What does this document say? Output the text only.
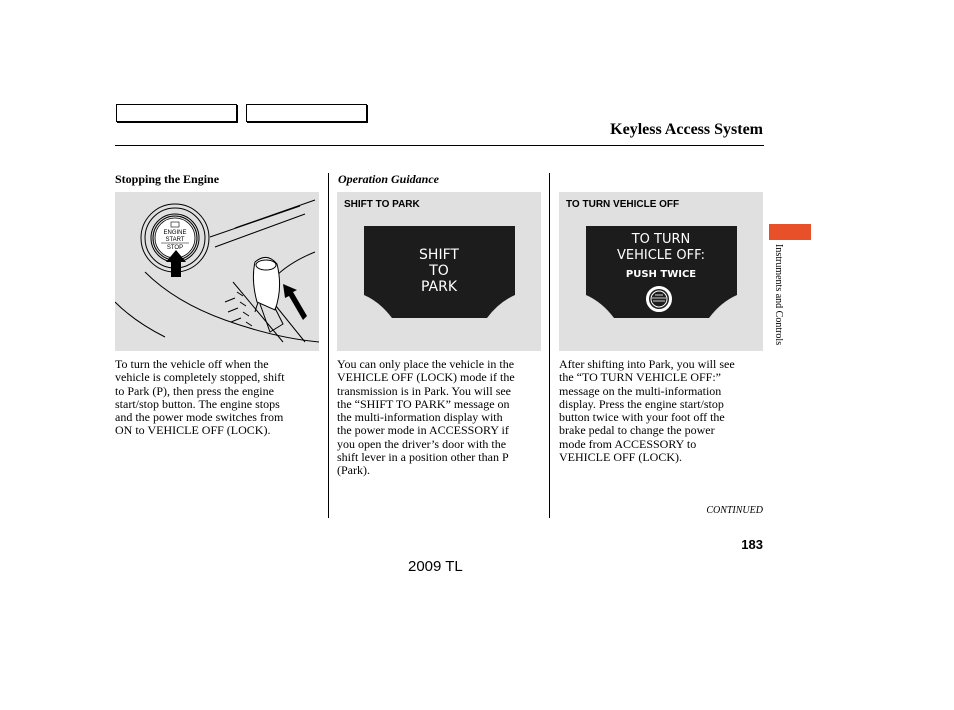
Keyless Access System
Stopping the Engine
ENGINE
START
STOP
To turn the vehicle off when the
vehicle is completely stopped, shift
to Park (P), then press the engine
start/stop button. The engine stops
and the power mode switches from
ON to VEHICLE OFF (LOCK).
Operation Guidance
SHIFT TO PARK
SHIFT
TO
PARK
You can only place the vehicle in the
VEHICLE OFF (LOCK) mode if the
transmission is in Park. You will see
the “SHIFT TO PARK” message on
the multi-information display with
the power mode in ACCESSORY if
you open the driver’s door with the
shift lever in a position other than P
(Park).
TO TURN VEHICLE OFF
TO TURN
VEHICLE OFF:
PUSH TWICE
After shifting into Park, you will see
the “TO TURN VEHICLE OFF:”
message on the multi-information
display. Press the engine start/stop
button twice with your foot off the
brake pedal to change the power
mode from ACCESSORY to
VEHICLE OFF (LOCK).
Instruments and Controls
CONTINUED
183
2009 TL
